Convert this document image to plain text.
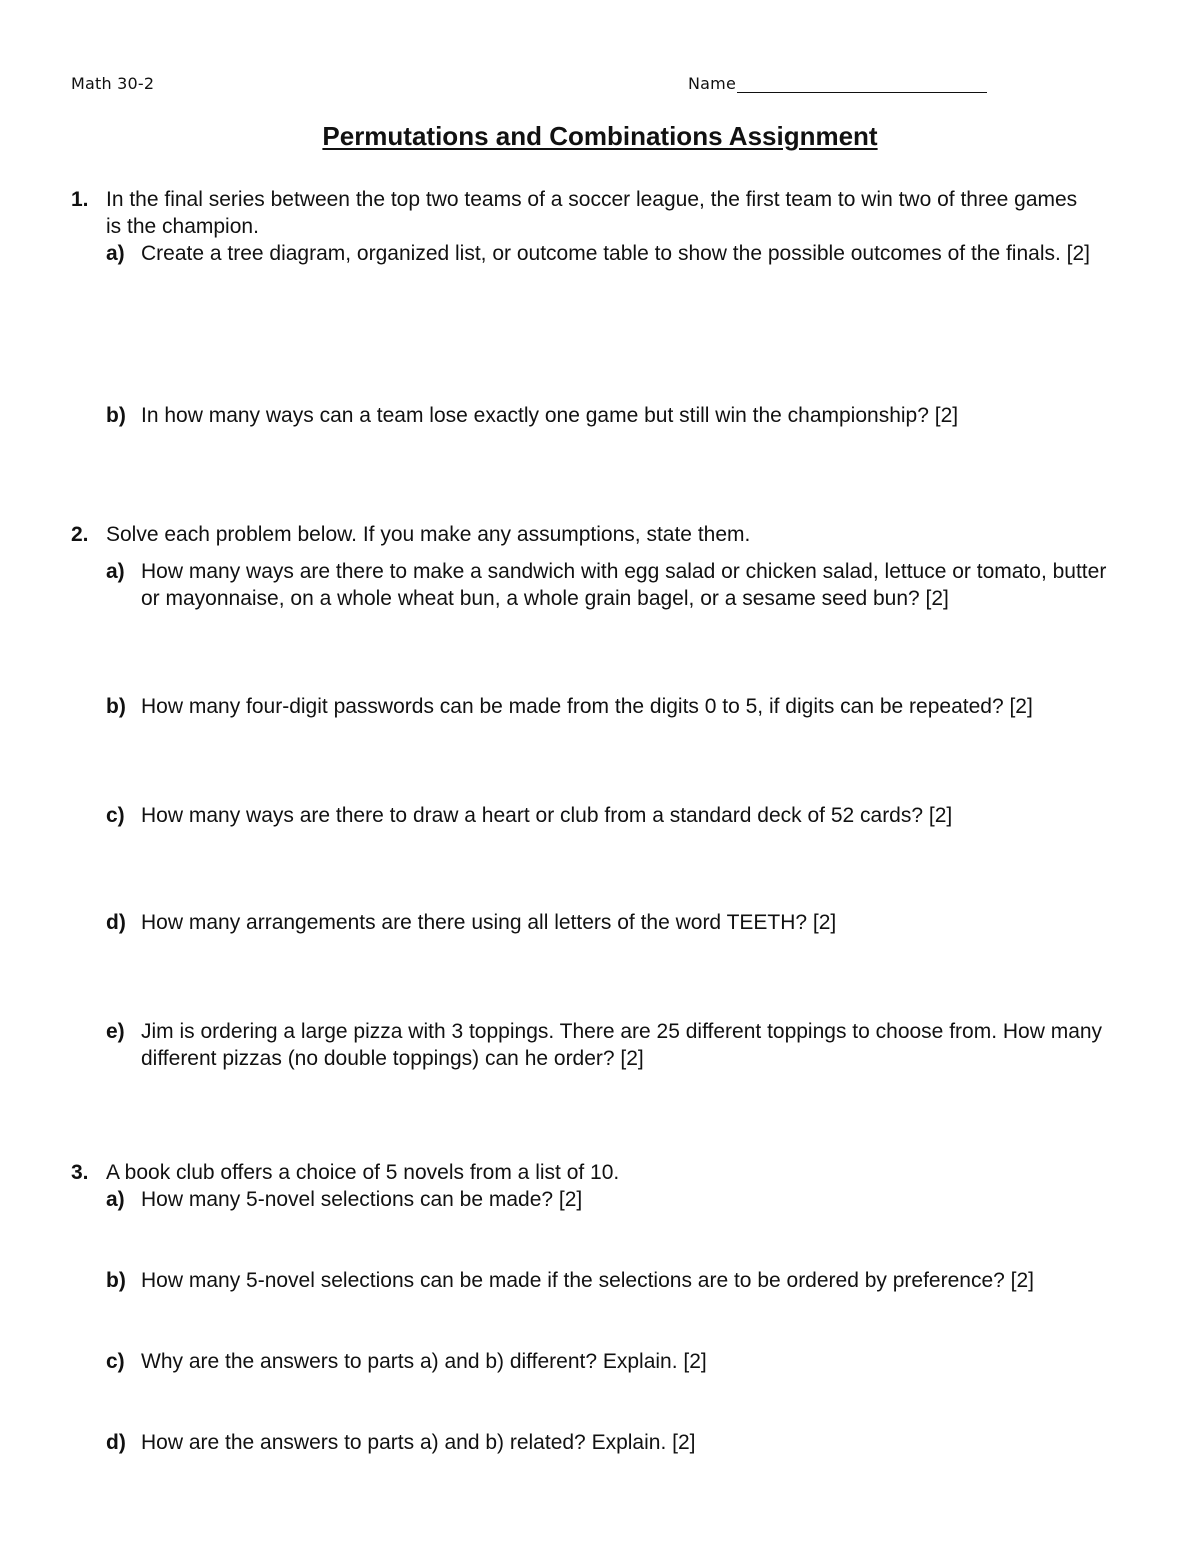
Math 30-2	Name
Permutations and Combinations Assignment
1. In the final series between the top two teams of a soccer league, the first team to win two of three games is the champion.
a) Create a tree diagram, organized list, or outcome table to show the possible outcomes of the finals. [2]
b) In how many ways can a team lose exactly one game but still win the championship? [2]
2. Solve each problem below. If you make any assumptions, state them.
a) How many ways are there to make a sandwich with egg salad or chicken salad, lettuce or tomato, butter or mayonnaise, on a whole wheat bun, a whole grain bagel, or a sesame seed bun? [2]
b) How many four-digit passwords can be made from the digits 0 to 5, if digits can be repeated? [2]
c) How many ways are there to draw a heart or club from a standard deck of 52 cards? [2]
d) How many arrangements are there using all letters of the word TEETH? [2]
e) Jim is ordering a large pizza with 3 toppings. There are 25 different toppings to choose from. How many different pizzas (no double toppings) can he order? [2]
3. A book club offers a choice of 5 novels from a list of 10.
a) How many 5-novel selections can be made? [2]
b) How many 5-novel selections can be made if the selections are to be ordered by preference? [2]
c) Why are the answers to parts a) and b) different? Explain. [2]
d) How are the answers to parts a) and b) related? Explain. [2]
